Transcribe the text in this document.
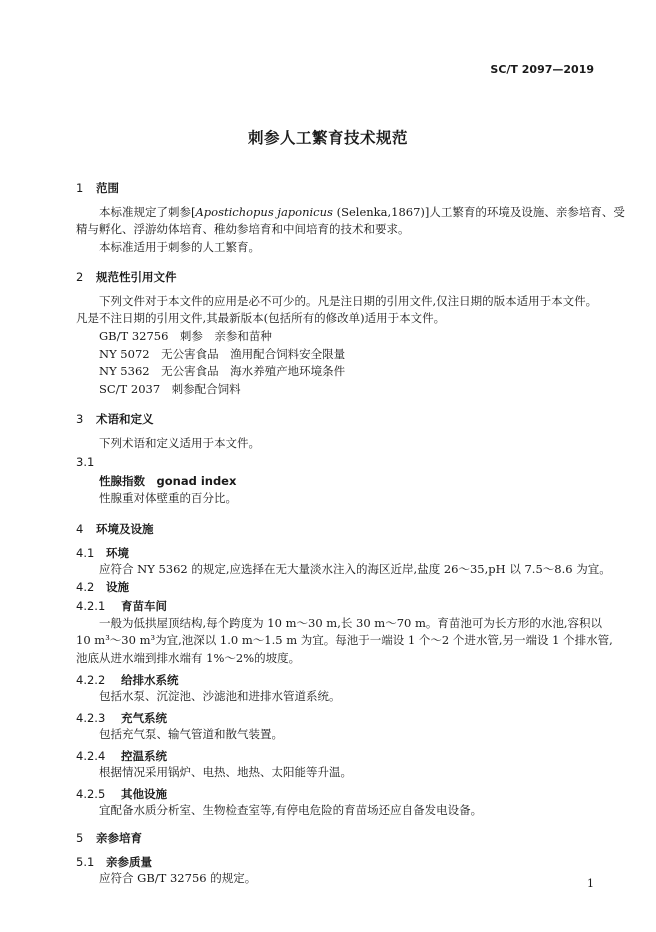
SC/T 2097—2019
刺参人工繁育技术规范
1 范围
本标准规定了刺参[Apostichopus japonicus (Selenka,1867)]人工繁育的环境及设施、亲参培育、受
精与孵化、浮游幼体培育、稚幼参培育和中间培育的技术和要求。
本标准适用于刺参的人工繁育。
2 规范性引用文件
下列文件对于本文件的应用是必不可少的。凡是注日期的引用文件,仅注日期的版本适用于本文件。
凡是不注日期的引用文件,其最新版本(包括所有的修改单)适用于本文件。
GB/T 32756　刺参　亲参和苗种
NY 5072　无公害食品　渔用配合饲料安全限量
NY 5362　无公害食品　海水养殖产地环境条件
SC/T 2037　刺参配合饲料
3 术语和定义
下列术语和定义适用于本文件。
3.1
性腺指数　gonad index
性腺重对体壁重的百分比。
4 环境及设施
4.1 环境
应符合 NY 5362 的规定,应选择在无大量淡水注入的海区近岸,盐度 26～35,pH 以 7.5～8.6 为宜。
4.2 设施
4.2.1 育苗车间
一般为低拱屋顶结构,每个跨度为 10 m～30 m,长 30 m～70 m。育苗池可为长方形的水池,容积以
10 m³～30 m³为宜,池深以 1.0 m～1.5 m 为宜。每池于一端设 1 个～2 个进水管,另一端设 1 个排水管,
池底从进水端到排水端有 1%～2%的坡度。
4.2.2 给排水系统
包括水泵、沉淀池、沙滤池和进排水管道系统。
4.2.3 充气系统
包括充气泵、输气管道和散气装置。
4.2.4 控温系统
根据情况采用锅炉、电热、地热、太阳能等升温。
4.2.5 其他设施
宜配备水质分析室、生物检查室等,有停电危险的育苗场还应自备发电设备。
5 亲参培育
5.1 亲参质量
应符合 GB/T 32756 的规定。	1
